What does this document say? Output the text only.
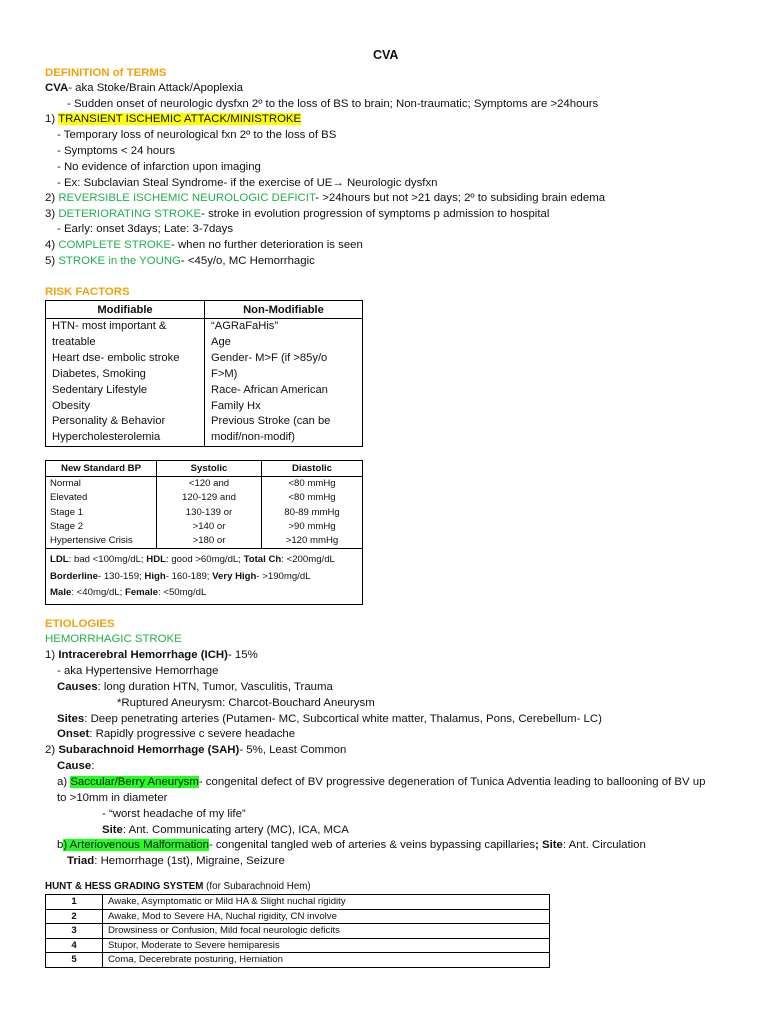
CVA
DEFINITION of TERMS
CVA- aka Stoke/Brain Attack/Apoplexia
- Sudden onset of neurologic dysfxn 2º to the loss of BS to brain; Non-traumatic; Symptoms are >24hours
1) TRANSIENT ISCHEMIC ATTACK/MINISTROKE
- Temporary loss of neurological fxn 2º to the loss of BS
- Symptoms < 24 hours
- No evidence of infarction upon imaging
- Ex: Subclavian Steal Syndrome- if the exercise of UE→ Neurologic dysfxn
2) REVERSIBLE ISCHEMIC NEUROLOGIC DEFICIT- >24hours but not >21 days; 2º to subsiding brain edema
3) DETERIORATING STROKE- stroke in evolution progression of symptoms p admission to hospital
- Early: onset 3days; Late: 3-7days
4) COMPLETE STROKE- when no further deterioration is seen
5) STROKE in the YOUNG- <45y/o, MC Hemorrhagic
RISK FACTORS
Modifiable	Non-Modifiable
HTN- most important &	“AGRaFaHis”
treatable	Age
Heart dse- embolic stroke	Gender- M>F (if >85y/o
Diabetes, Smoking	F>M)
Sedentary Lifestyle	Race- African American
Obesity	Family Hx
Personality & Behavior	Previous Stroke (can be
Hypercholesterolemia	modif/non-modif)
New Standard BP	Systolic	Diastolic
Normal	<120 and	<80 mmHg
Elevated	120-129 and	<80 mmHg
Stage 1	130-139 or	80-89 mmHg
Stage 2	>140 or	>90 mmHg
Hypertensive Crisis	>180 or	>120 mmHg

LDL: bad <100mg/dL; HDL: good >60mg/dL; Total Ch: <200mg/dL
Borderline- 130-159; High- 160-189; Very High- >190mg/dL
Male: <40mg/dL; Female: <50mg/dL		
ETIOLOGIES
HEMORRHAGIC STROKE
1) Intracerebral Hemorrhage (ICH)- 15%
- aka Hypertensive Hemorrhage
Causes: long duration HTN, Tumor, Vasculitis, Trauma
*Ruptured Aneurysm: Charcot-Bouchard Aneurysm
Sites: Deep penetrating arteries (Putamen- MC, Subcortical white matter, Thalamus, Pons, Cerebellum- LC)
Onset: Rapidly progressive c severe headache
2) Subarachnoid Hemorrhage (SAH)- 5%, Least Common
Cause:
a) Saccular/Berry Aneurysm- congenital defect of BV progressive degeneration of Tunica Adventia leading to ballooning of BV up
to >10mm in diameter
- “worst headache of my life”
Site: Ant. Communicating artery (MC), ICA, MCA
b) Arteriovenous Malformation- congenital tangled web of arteries & veins bypassing capillaries; Site: Ant. Circulation
Triad: Hemorrhage (1st), Migraine, Seizure
HUNT & HESS GRADING SYSTEM (for Subarachnoid Hem)
1	Awake, Asymptomatic or Mild HA & Slight nuchal rigidity
2	Awake, Mod to Severe HA, Nuchal rigidity, CN involve
3	Drowsiness or Confusion, Mild focal neurologic deficits
4	Stupor, Moderate to Severe hemiparesis
5	Coma, Decerebrate posturing, Herniation
